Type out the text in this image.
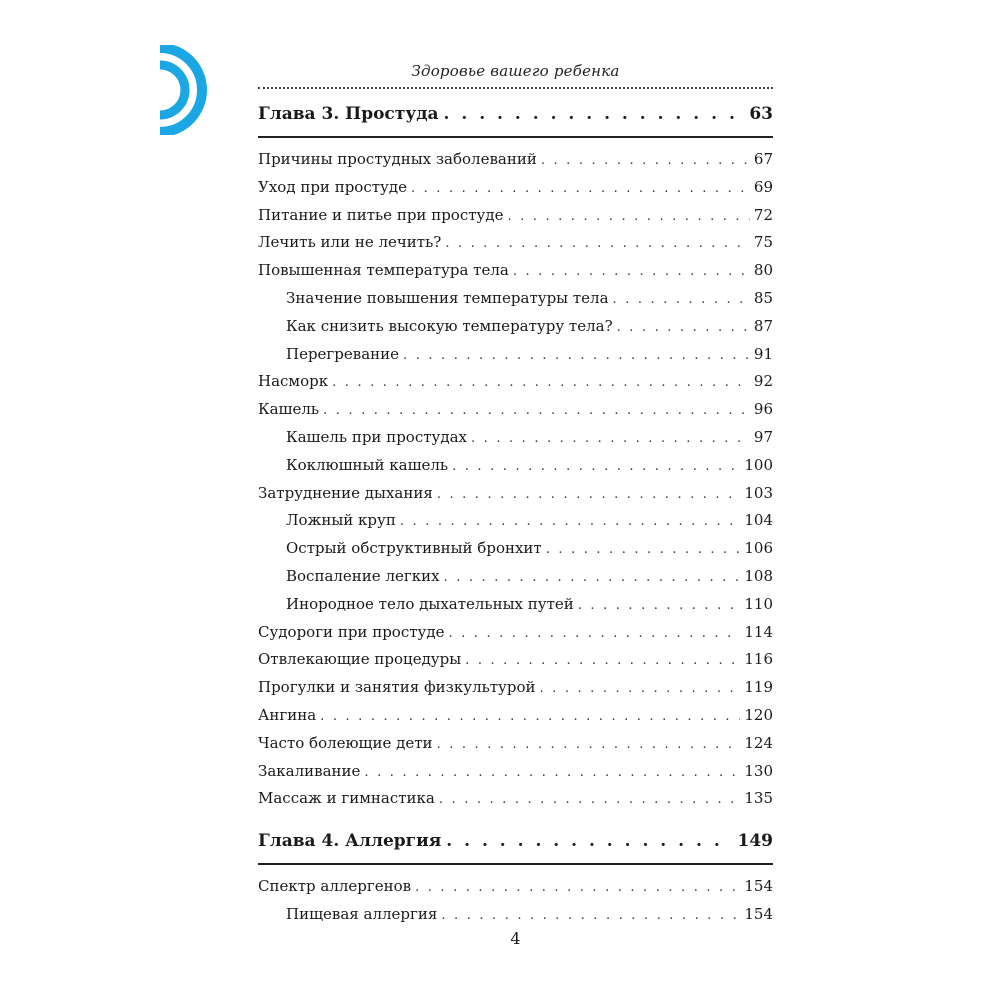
Здоровье вашего ребенка
Глава 3. Простуда . . .	63
Причины простудных заболеваний . . .	67
Уход при простуде . . .	69
Питание и питье при простуде . . .	72
Лечить или не лечить? . . .	75
Повышенная температура тела . . .	80
Значение повышения температуры тела . . .	85
Как снизить высокую температуру тела? . . .	87
Перегревание . . .	91
Насморк . . .	92
Кашель . . .	96
Кашель при простудах . . .	97
Коклюшный кашель . . .	100
Затруднение дыхания . . .	103
Ложный круп . . .	104
Острый обструктивный бронхит . . .	106
Воспаление легких . . .	108
Инородное тело дыхательных путей . . .	110
Судороги при простуде . . .	114
Отвлекающие процедуры . . .	116
Прогулки и занятия физкультурой . . .	119
Ангина . . .	120
Часто болеющие дети . . .	124
Закаливание . . .	130
Массаж и гимнастика . . .	135
Глава 4. Аллергия . . .	149
Спектр аллергенов . . .	154
Пищевая аллергия . . .	154
4
